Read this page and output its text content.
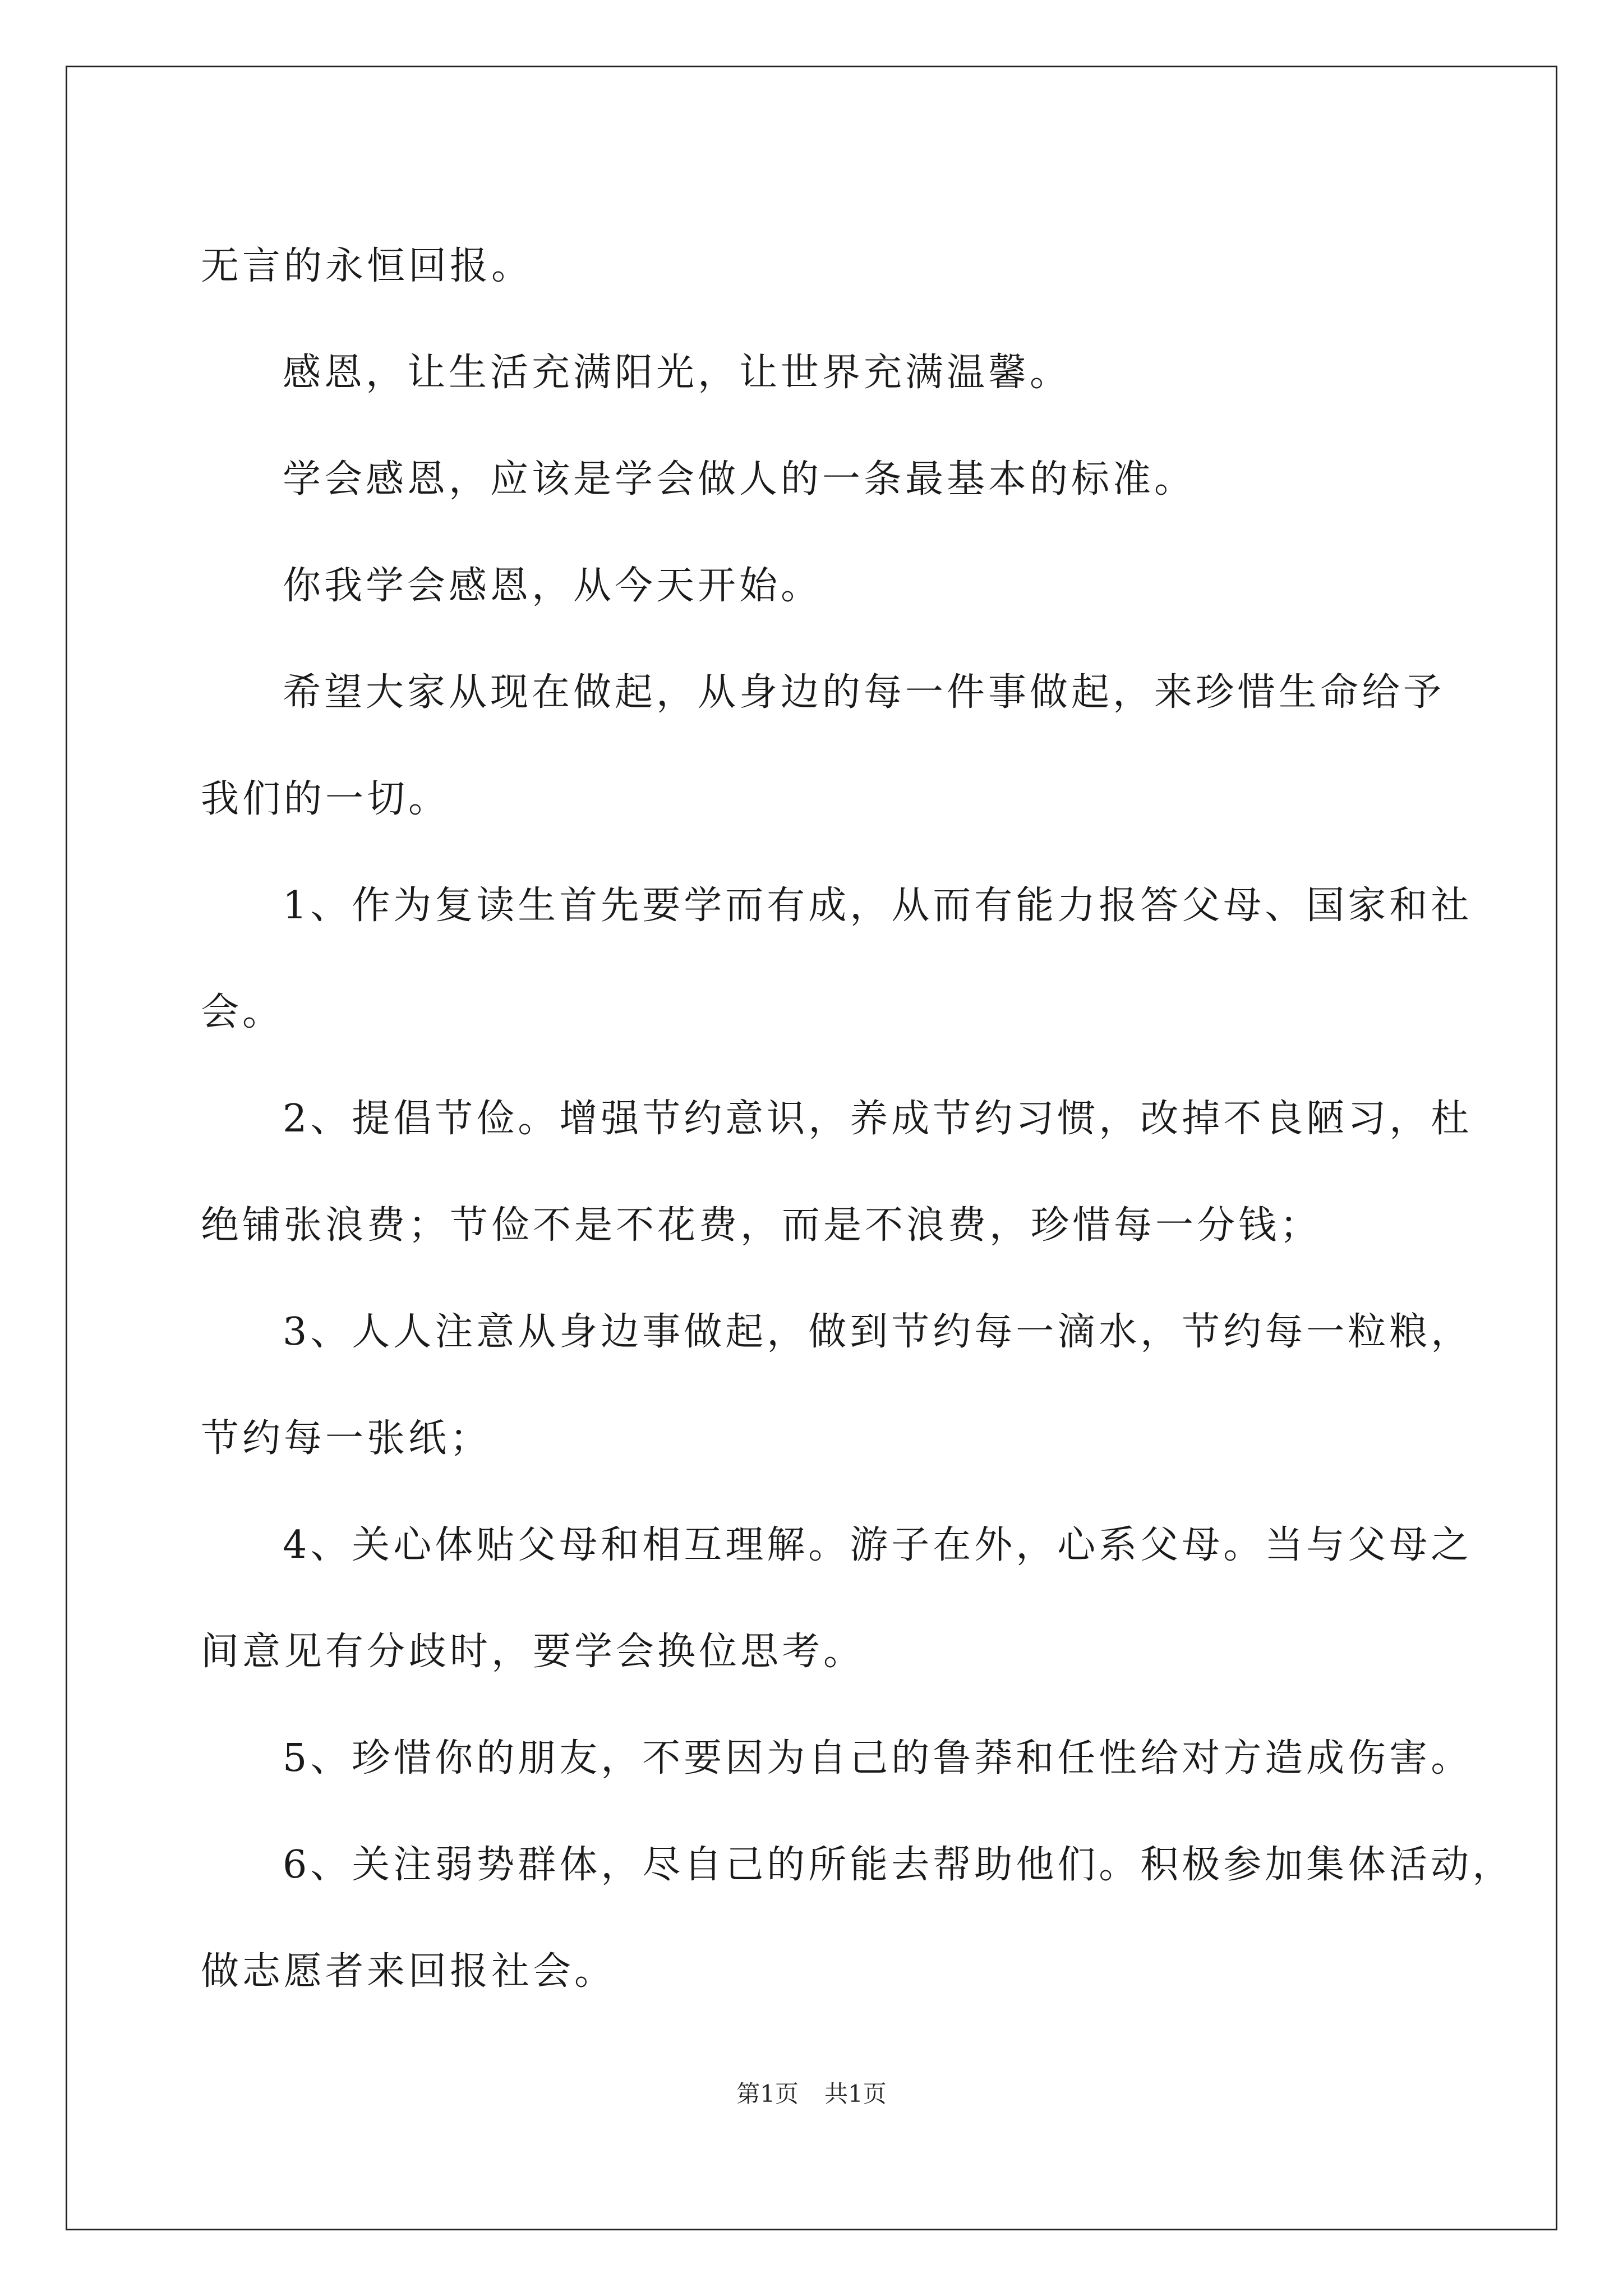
无言的永恒回报。

感恩，让生活充满阳光，让世界充满温馨。

学会感恩，应该是学会做人的一条最基本的标准。

你我学会感恩，从今天开始。

希望大家从现在做起，从身边的每一件事做起，来珍惜生命给予

我们的一切。

1、作为复读生首先要学而有成，从而有能力报答父母、国家和社

会。

2、提倡节俭。增强节约意识，养成节约习惯，改掉不良陋习，杜

绝铺张浪费；节俭不是不花费，而是不浪费，珍惜每一分钱；

3、人人注意从身边事做起，做到节约每一滴水，节约每一粒粮，

节约每一张纸；

4、关心体贴父母和相互理解。游子在外，心系父母。当与父母之

间意见有分歧时，要学会换位思考。

5、珍惜你的朋友，不要因为自己的鲁莽和任性给对方造成伤害。

6、关注弱势群体，尽自己的所能去帮助他们。积极参加集体活动，

做志愿者来回报社会。

第1页 共1页
